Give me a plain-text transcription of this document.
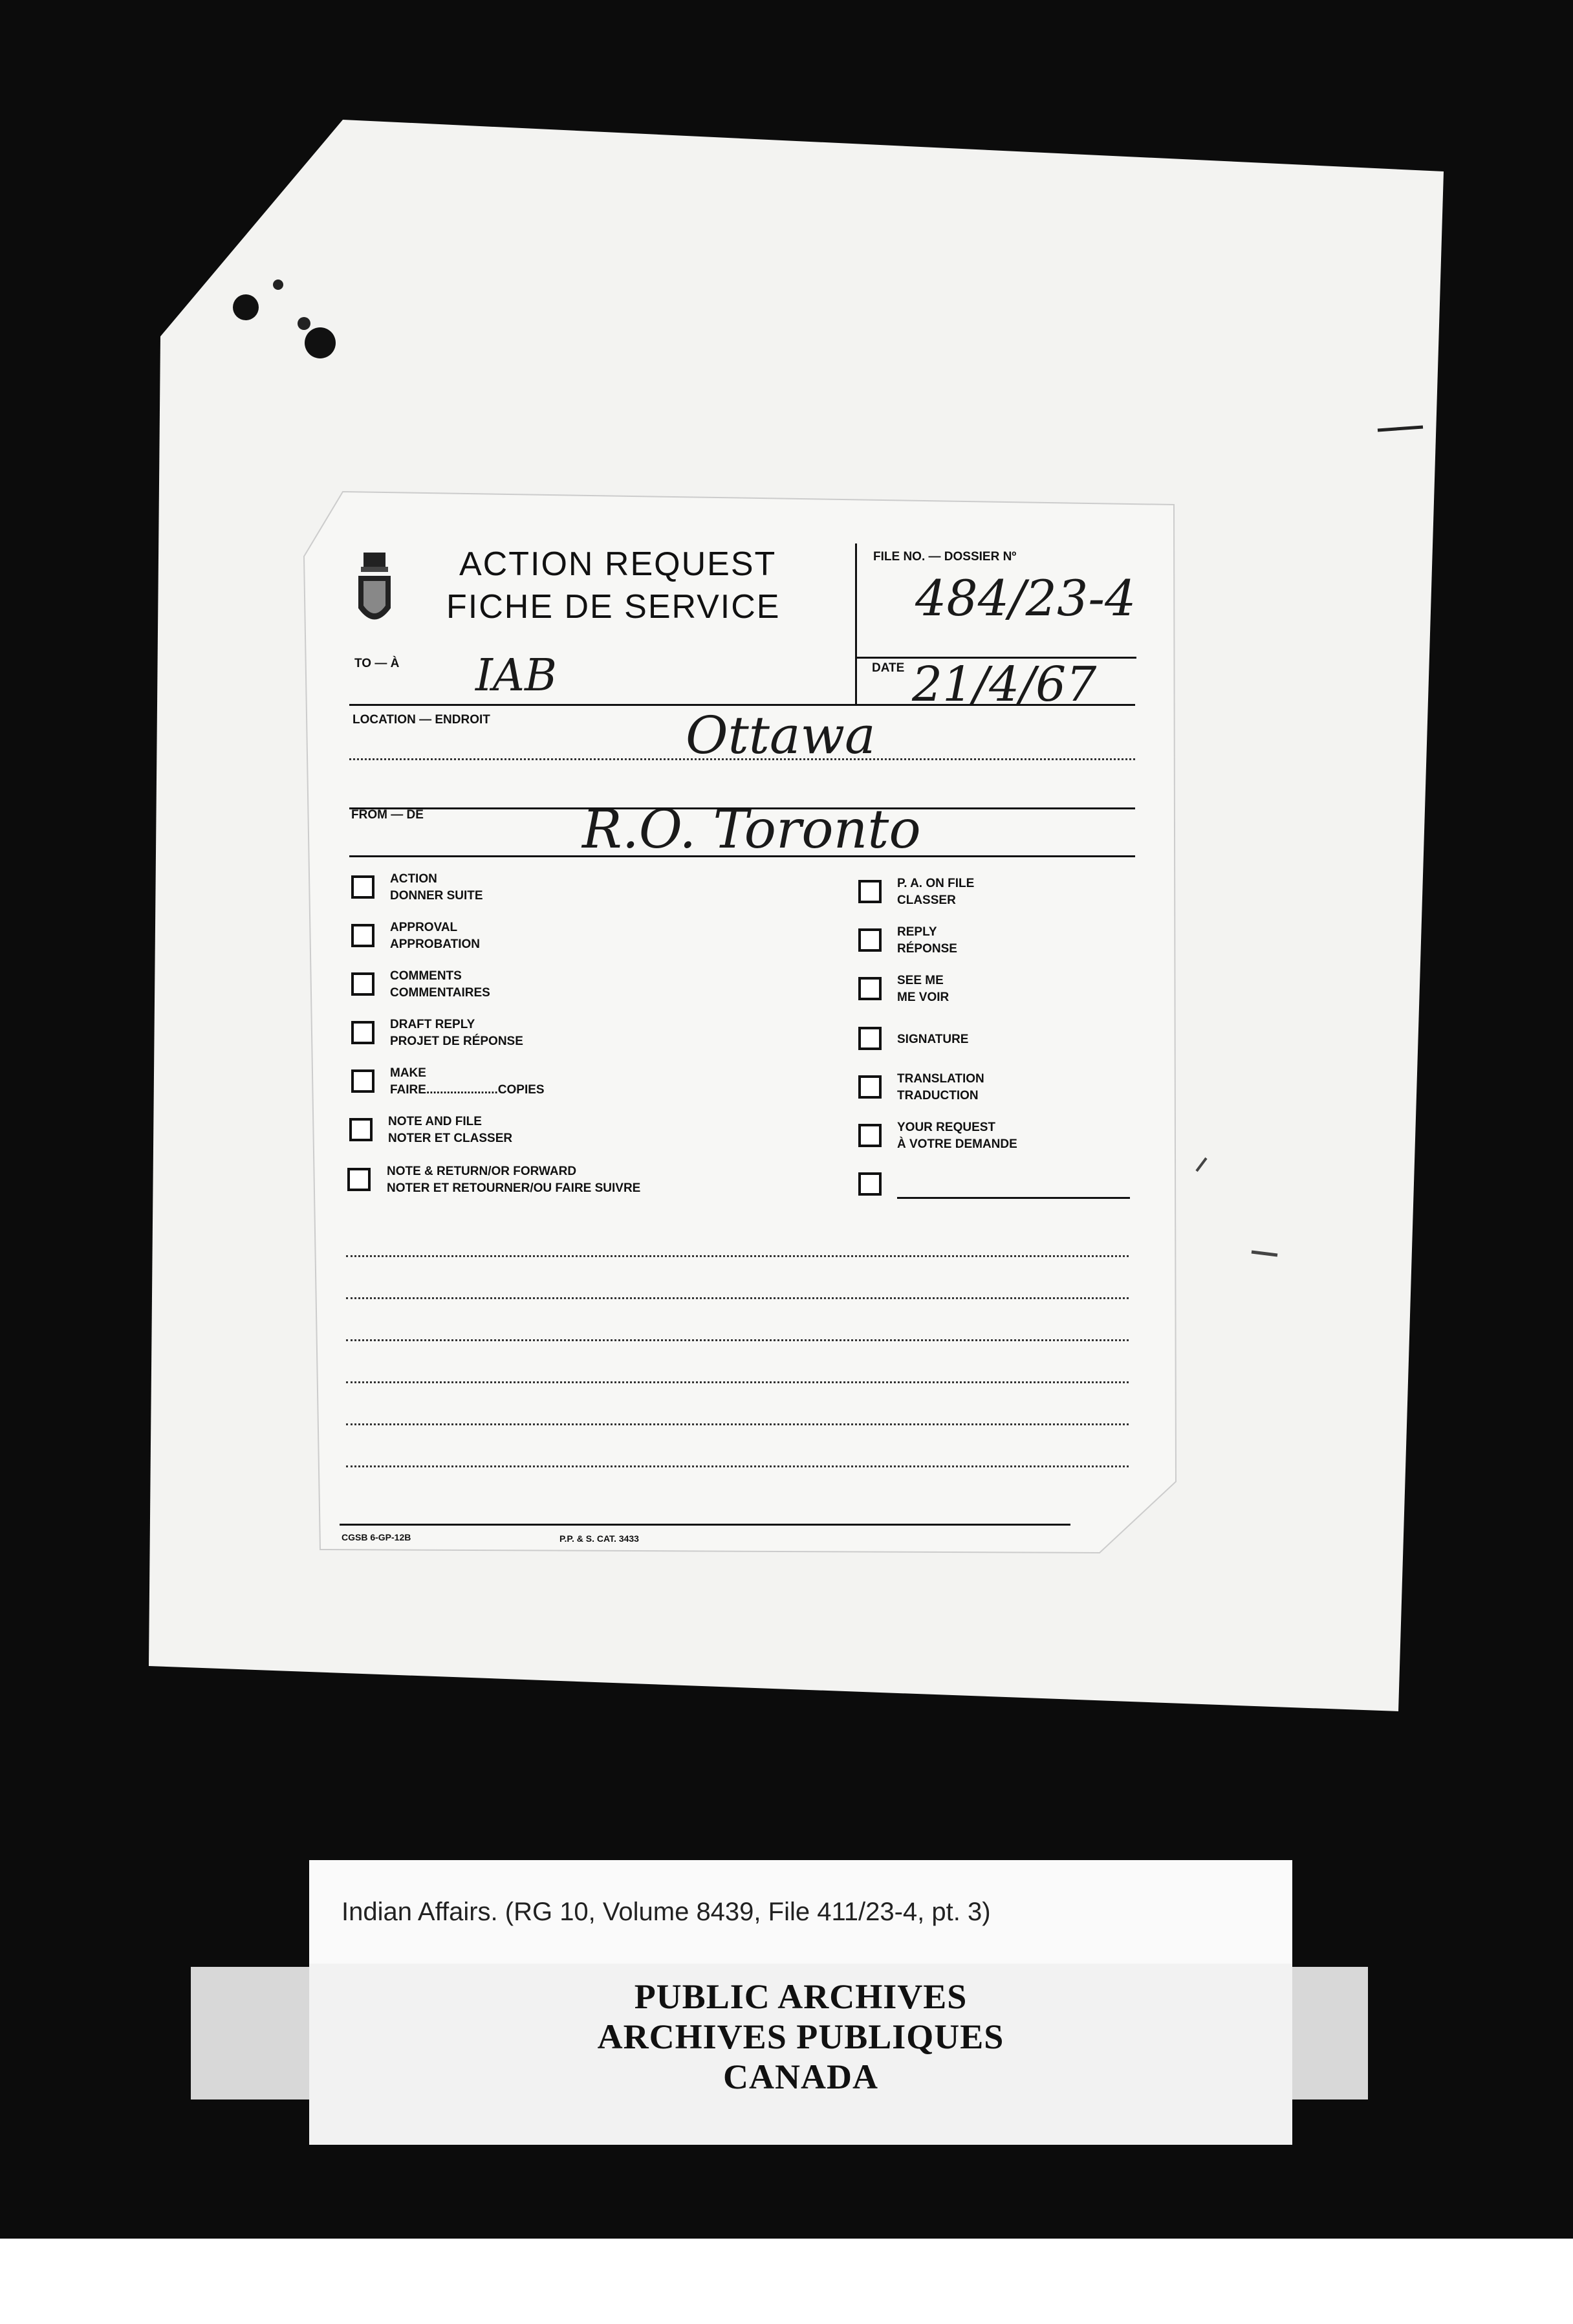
ACTION REQUEST
FICHE DE SERVICE
FILE NO. — DOSSIER Nº
484/23-4
TO — À IAB	DATE 21/4/67
LOCATION — ENDROIT	Ottawa
FROM — DE	R.O. Toronto
ACTION
DONNER SUITE
APPROVAL
APPROBATION
COMMENTS
COMMENTAIRES
DRAFT REPLY
PROJET DE RÉPONSE
MAKE
FAIRE.....................COPIES
NOTE AND FILE
NOTER ET CLASSER
NOTE & RETURN/OR FORWARD
NOTER ET RETOURNER/OU FAIRE SUIVRE
P. A. ON FILE
CLASSER
REPLY
RÉPONSE
SEE ME
ME VOIR
SIGNATURE
TRANSLATION
TRADUCTION
YOUR REQUEST
À VOTRE DEMANDE
CGSB 6-GP-12B	P.P. & S. CAT. 3433
Indian Affairs. (RG 10, Volume 8439, File 411/23-4, pt. 3)
PUBLIC ARCHIVES
ARCHIVES PUBLIQUES
CANADA
